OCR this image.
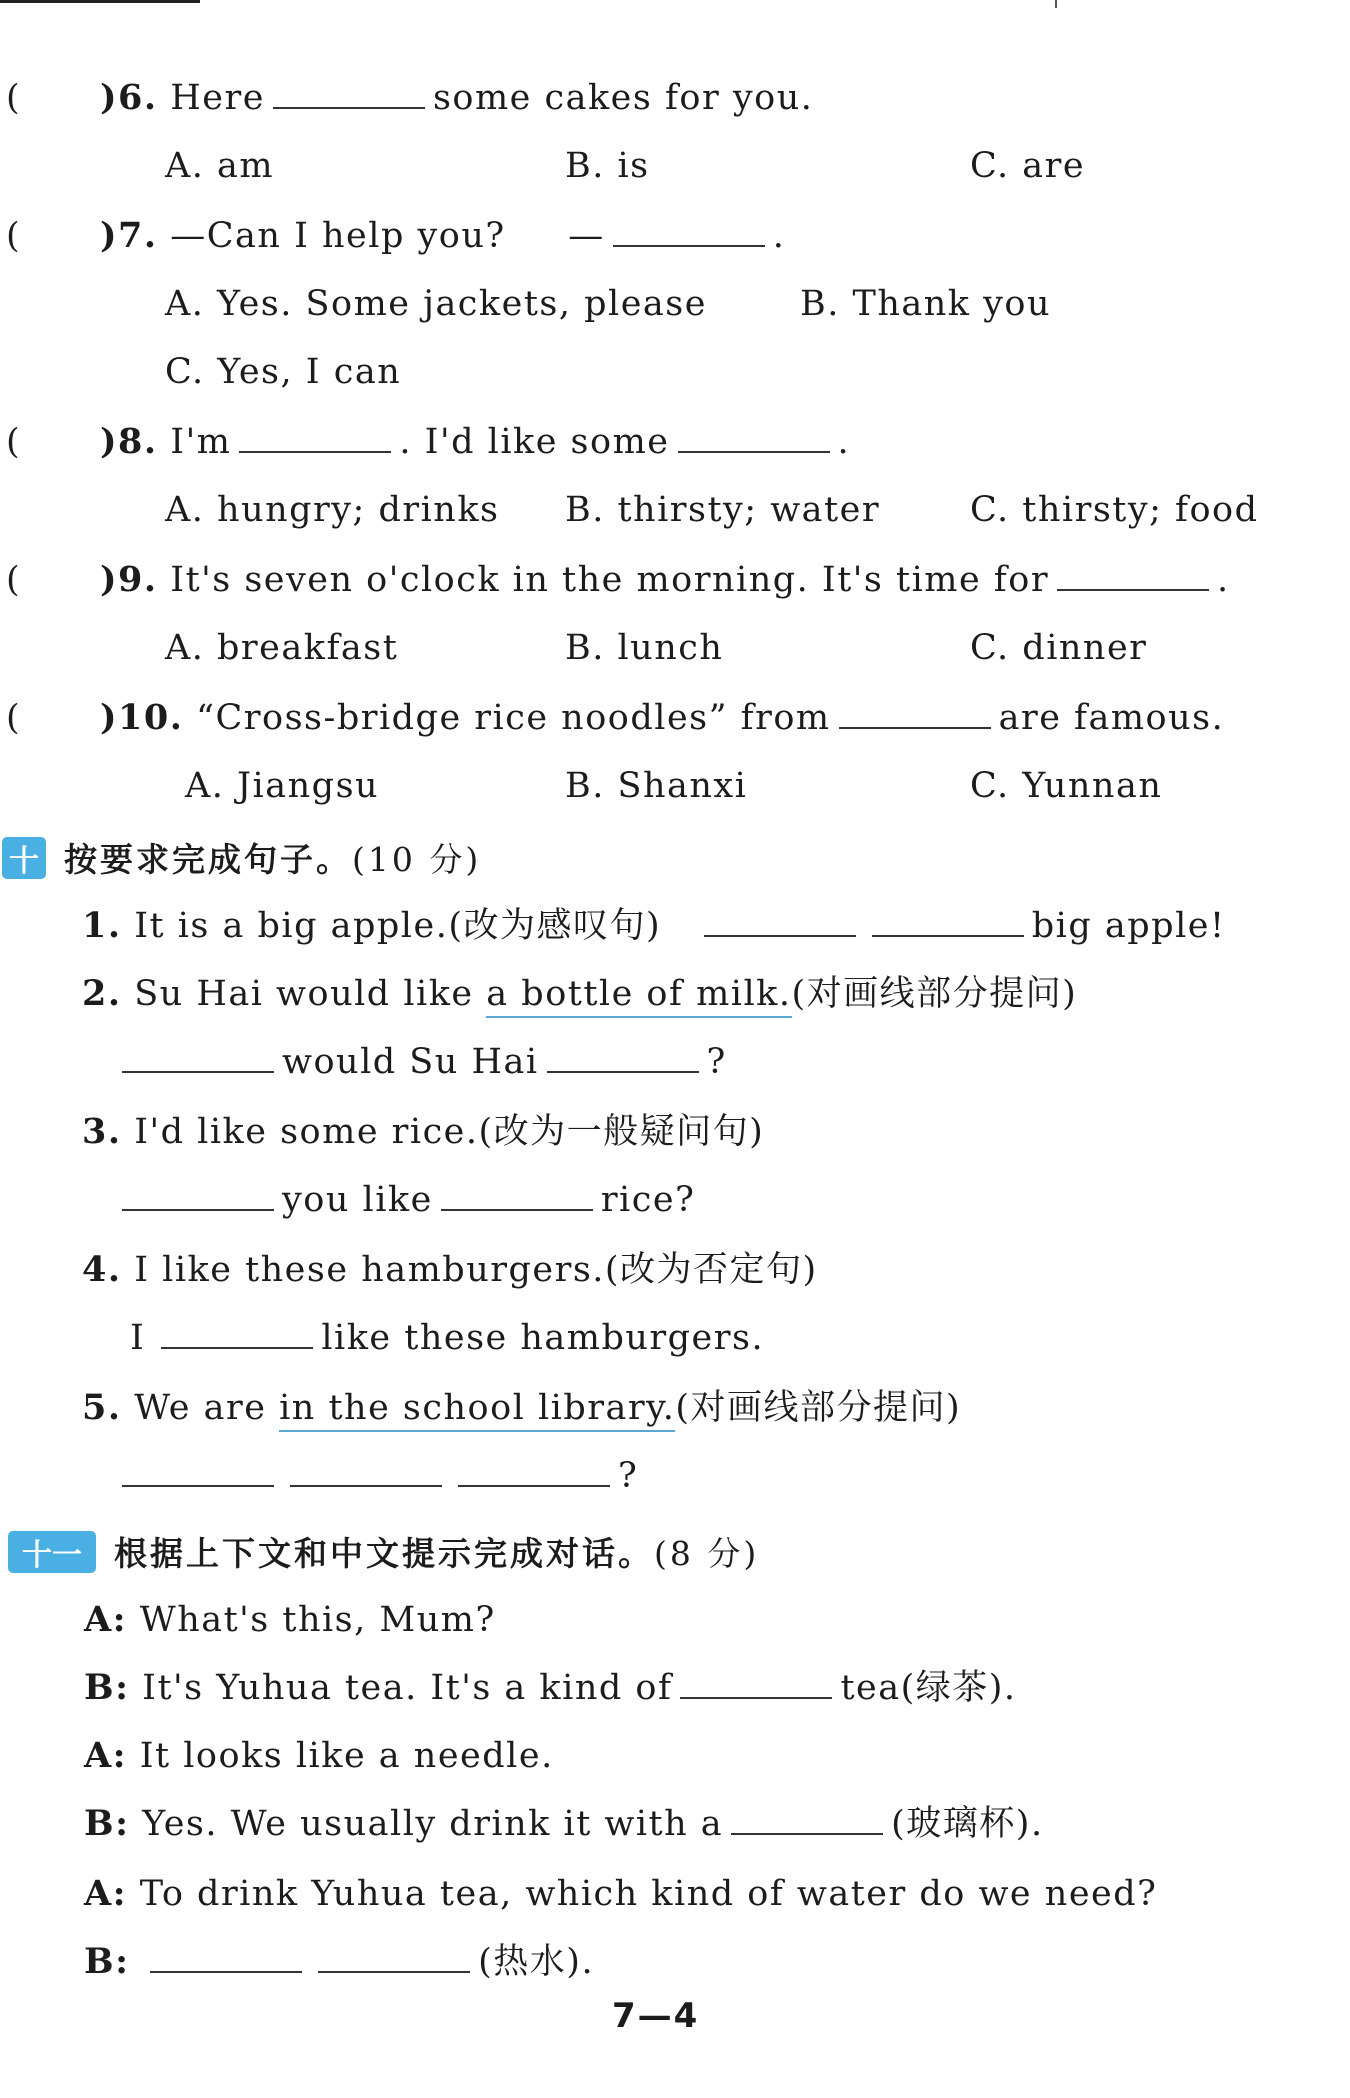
( )6. Here	some cakes for you.
A. am	B. is	C. are
( )7. —Can I help you? —	.
A. Yes. Some jackets, please	B. Thank you
C. Yes, I can
( )8. I'm	. I'd like some	.
A. hungry; drinks B. thirsty; water	C. thirsty; food
( )9. It's seven o'clock in the morning. It's time for	.
A. breakfast	B. lunch	C. dinner
( )10. “Cross-bridge rice noodles” from	are famous.
A. Jiangsu	B. Shanxi	C. Yunnan
十 按要求完成句子。 (10 分)
1. It is a big apple.(改为感叹句)	big apple!
2. Su Hai would like a bottle of milk.(对画线部分提问)
would Su Hai	?
3. I'd like some rice.(改为一般疑问句)
you like	rice?
4. I like these hamburgers.(改为否定句)
I	like these hamburgers.
5. We are in the school library.(对画线部分提问)
?
十一 根据上下文和中文提示完成对话。 (8 分)
A: What's this, Mum?
B: It's Yuhua tea. It's a kind of	tea(绿茶).
A: It looks like a needle.
B: Yes. We usually drink it with a	(玻璃杯).
A: To drink Yuhua tea, which kind of water do we need?
B:	(热水).
7—4
